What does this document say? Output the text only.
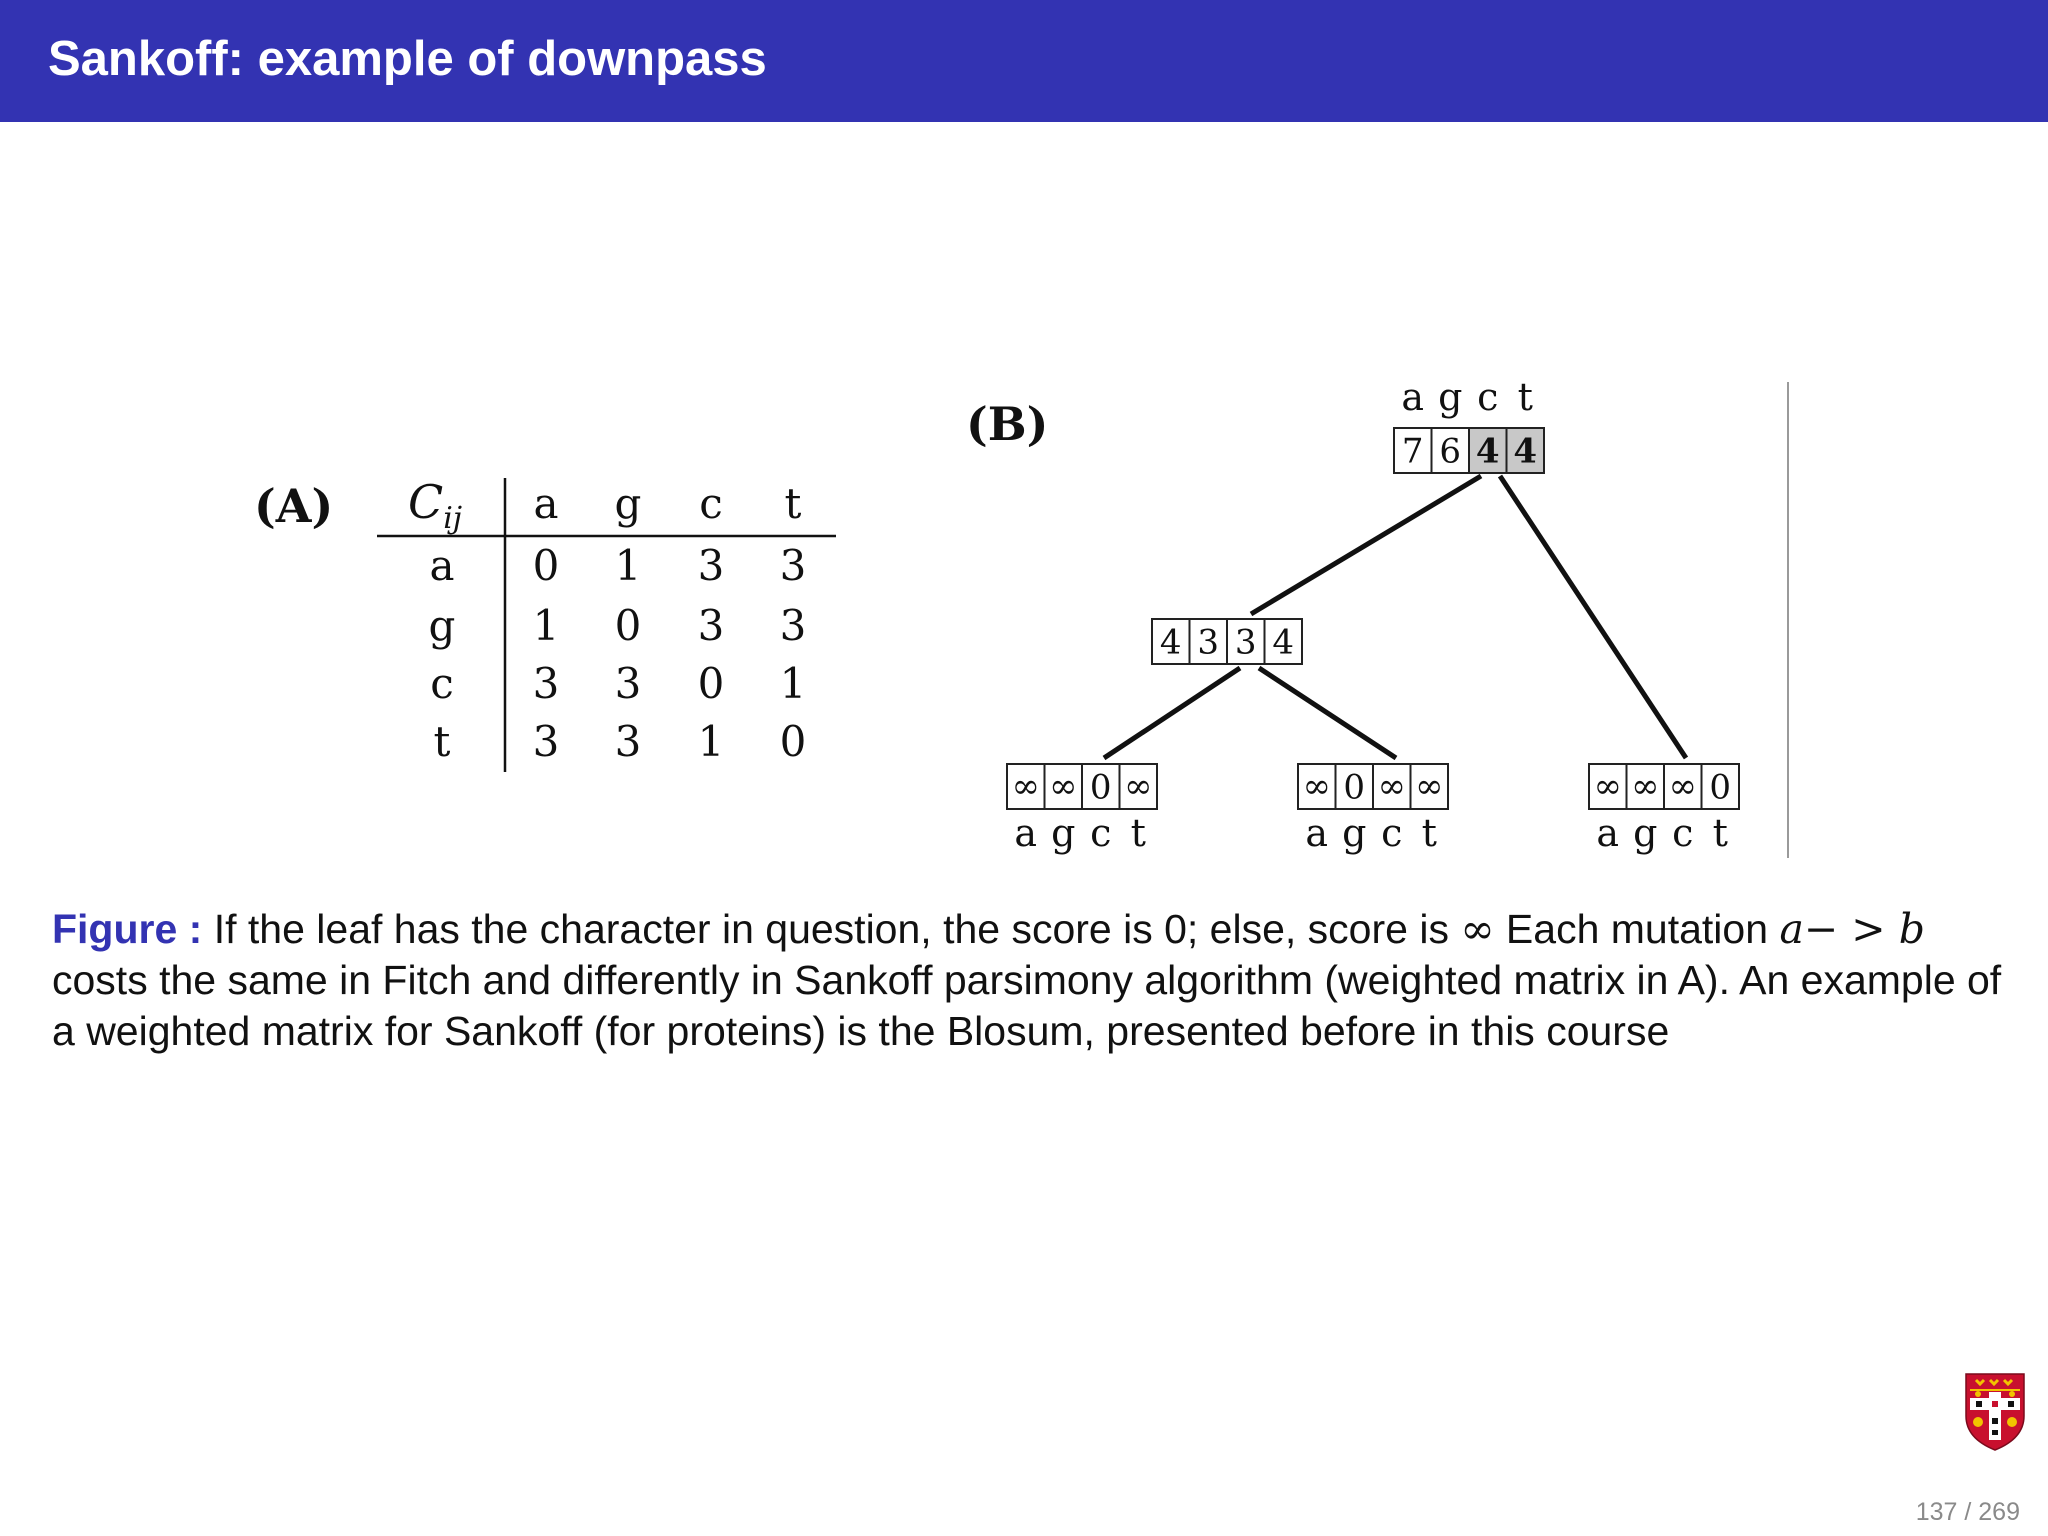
Sankoff: example of downpass
(A) $C_{ij}$ a g c t
a 0 1 3 3
g 1 0 3 3
c 3 3 0 1
t 3 3 1 0
(B)
7 6 4 4
a g c t
4 3 3 4
∞ ∞ 0 ∞
a g c t
∞ 0 ∞ ∞
a g c t
∞ ∞ ∞ 0
a g c t

Figure : If the leaf has the character in question, the score is 0; else, score is ∞ Each mutation a− > b costs the same in Fitch and differently in Sankoff parsimony algorithm (weighted matrix in A). An example of a weighted matrix for Sankoff (for proteins) is the Blosum, presented before in this course

137 / 269
